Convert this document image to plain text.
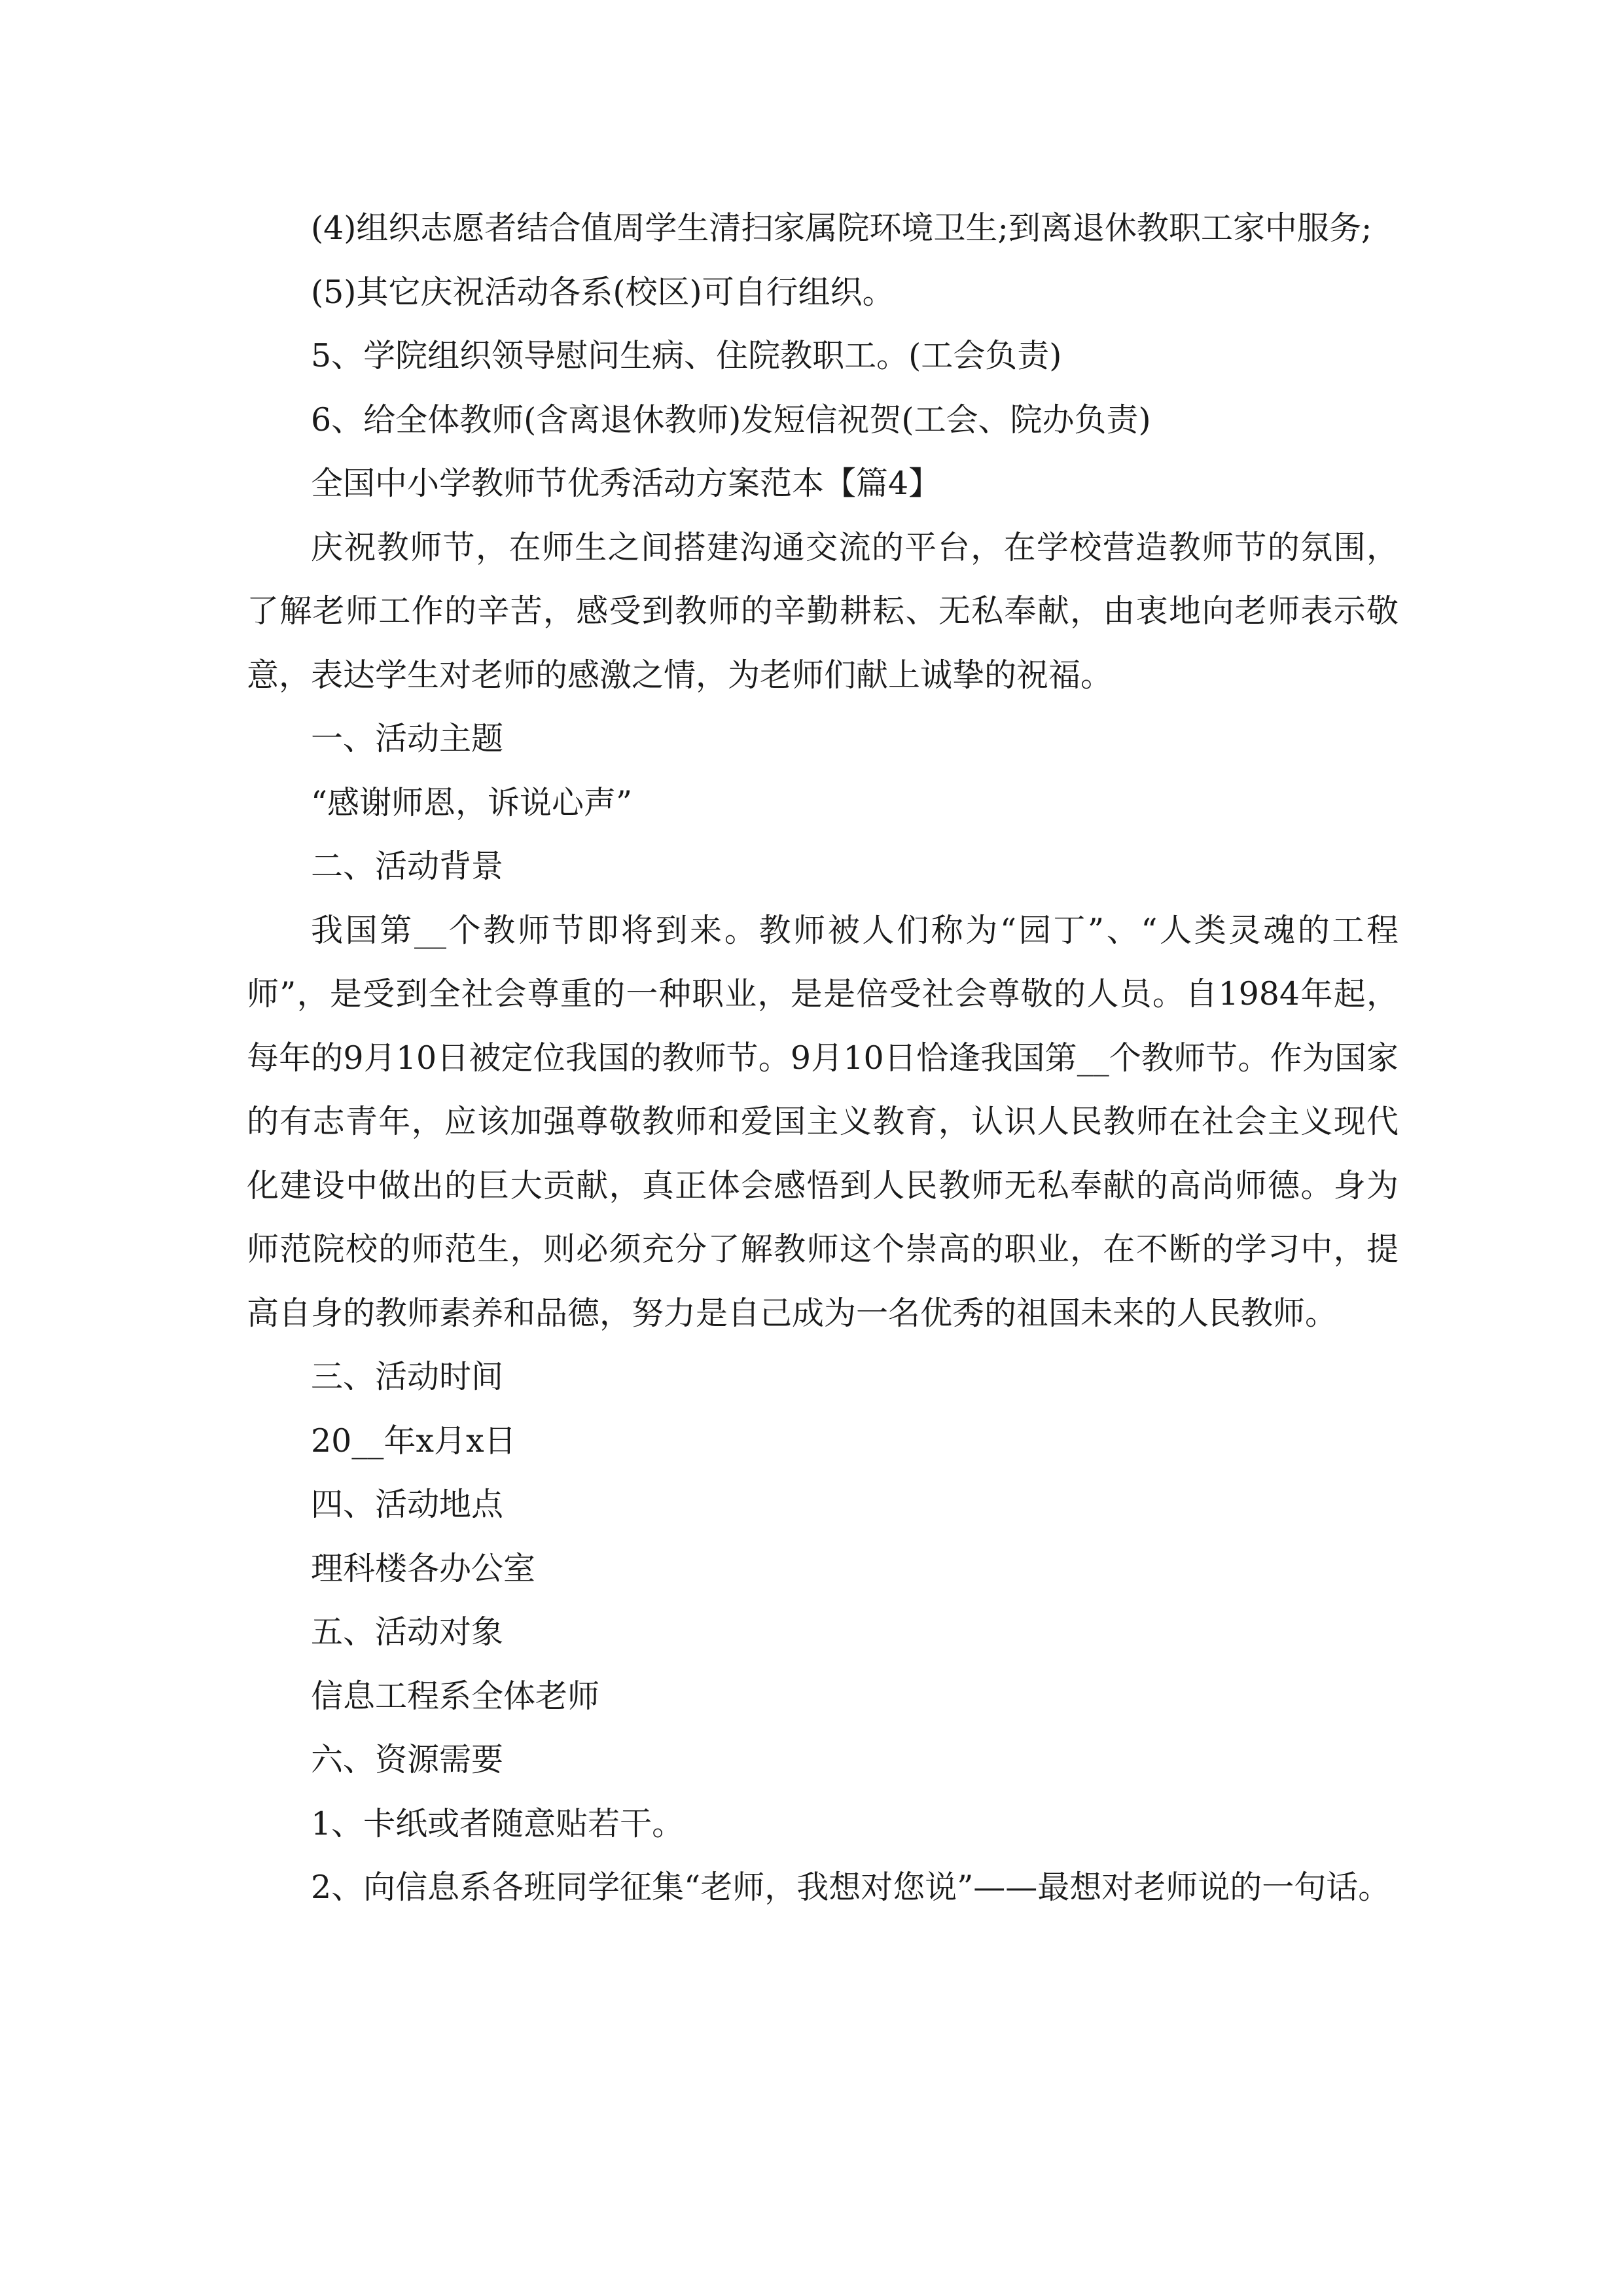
(4)组织志愿者结合值周学生清扫家属院环境卫生;到离退休教职工家中服务;

(5)其它庆祝活动各系(校区)可自行组织。

5、学院组织领导慰问生病、住院教职工。(工会负责)

6、给全体教师(含离退休教师)发短信祝贺(工会、院办负责)

全国中小学教师节优秀活动方案范本【篇4】

庆祝教师节，在师生之间搭建沟通交流的平台，在学校营造教师节的氛围，了解老师工作的辛苦，感受到教师的辛勤耕耘、无私奉献，由衷地向老师表示敬意，表达学生对老师的感激之情，为老师们献上诚挚的祝福。

一、活动主题

“感谢师恩，诉说心声”

二、活动背景

我国第__个教师节即将到来。教师被人们称为“园丁”、“人类灵魂的工程师”，是受到全社会尊重的一种职业，是是倍受社会尊敬的人员。自1984年起，每年的9月10日被定位我国的教师节。9月10日恰逢我国第__个教师节。作为国家的有志青年，应该加强尊敬教师和爱国主义教育，认识人民教师在社会主义现代化建设中做出的巨大贡献，真正体会感悟到人民教师无私奉献的高尚师德。身为师范院校的师范生，则必须充分了解教师这个崇高的职业，在不断的学习中，提高自身的教师素养和品德，努力是自己成为一名优秀的祖国未来的人民教师。

三、活动时间

20__年x月x日

四、活动地点

理科楼各办公室

五、活动对象

信息工程系全体老师

六、资源需要

1、卡纸或者随意贴若干。

2、向信息系各班同学征集“老师，我想对您说”——最想对老师说的一句话。
